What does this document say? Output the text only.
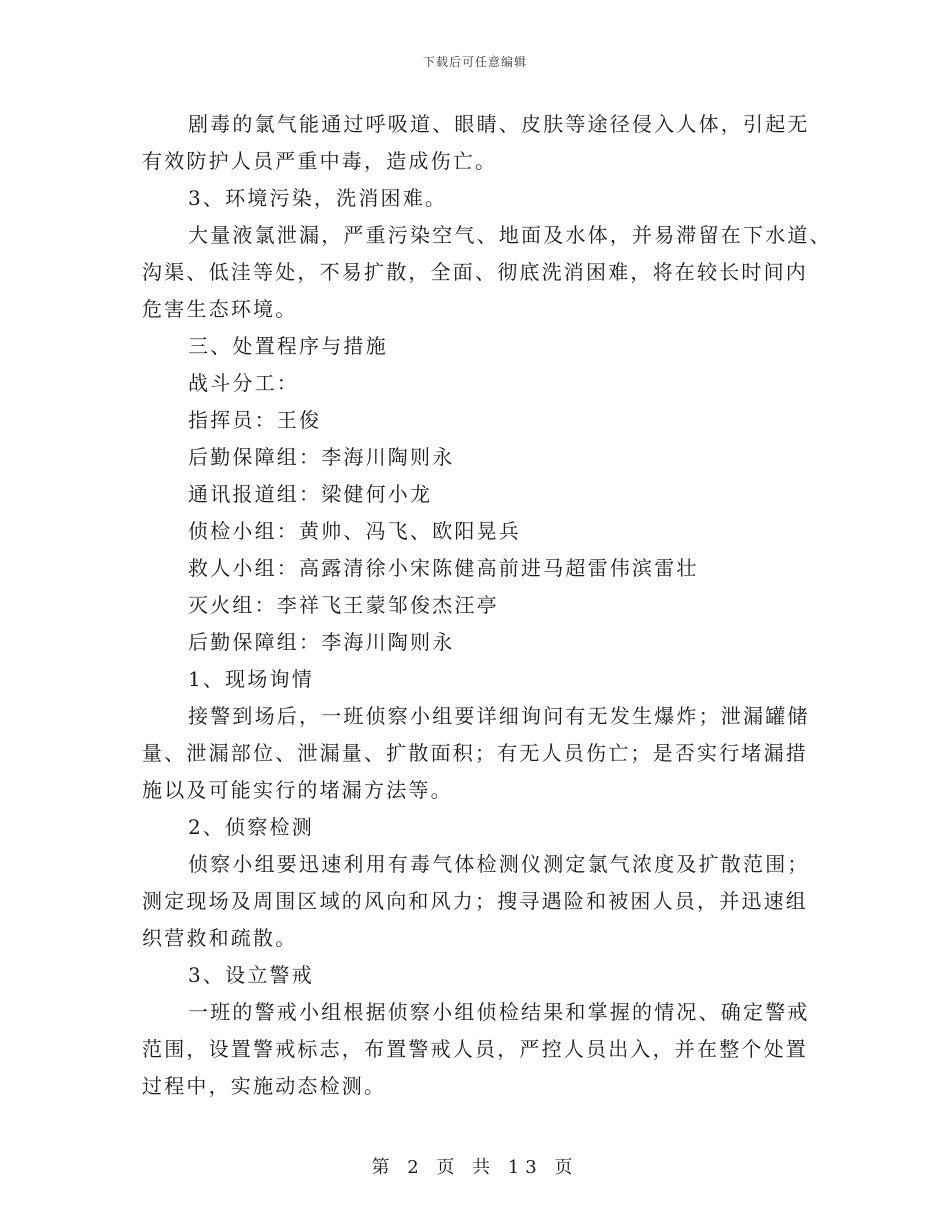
下载后可任意编辑

剧毒的氯气能通过呼吸道、眼睛、皮肤等途径侵入人体，引起无

有效防护人员严重中毒，造成伤亡。

3、环境污染，洗消困难。

大量液氯泄漏，严重污染空气、地面及水体，并易滞留在下水道、

沟渠、低洼等处，不易扩散，全面、彻底洗消困难，将在较长时间内

危害生态环境。

三、处置程序与措施

战斗分工：

指挥员：王俊

后勤保障组：李海川陶则永

通讯报道组：梁健何小龙

侦检小组：黄帅、冯飞、欧阳晃兵

救人小组：高露清徐小宋陈健高前进马超雷伟滨雷壮

灭火组：李祥飞王蒙邹俊杰汪亭

后勤保障组：李海川陶则永

1、现场询情

接警到场后，一班侦察小组要详细询问有无发生爆炸；泄漏罐储

量、泄漏部位、泄漏量、扩散面积；有无人员伤亡；是否实行堵漏措

施以及可能实行的堵漏方法等。

2、侦察检测

侦察小组要迅速利用有毒气体检测仪测定氯气浓度及扩散范围；

测定现场及周围区域的风向和风力；搜寻遇险和被困人员，并迅速组

织营救和疏散。

3、设立警戒

一班的警戒小组根据侦察小组侦检结果和掌握的情况、确定警戒

范围，设置警戒标志，布置警戒人员，严控人员出入，并在整个处置

过程中，实施动态检测。

第 2 页 共 13 页
